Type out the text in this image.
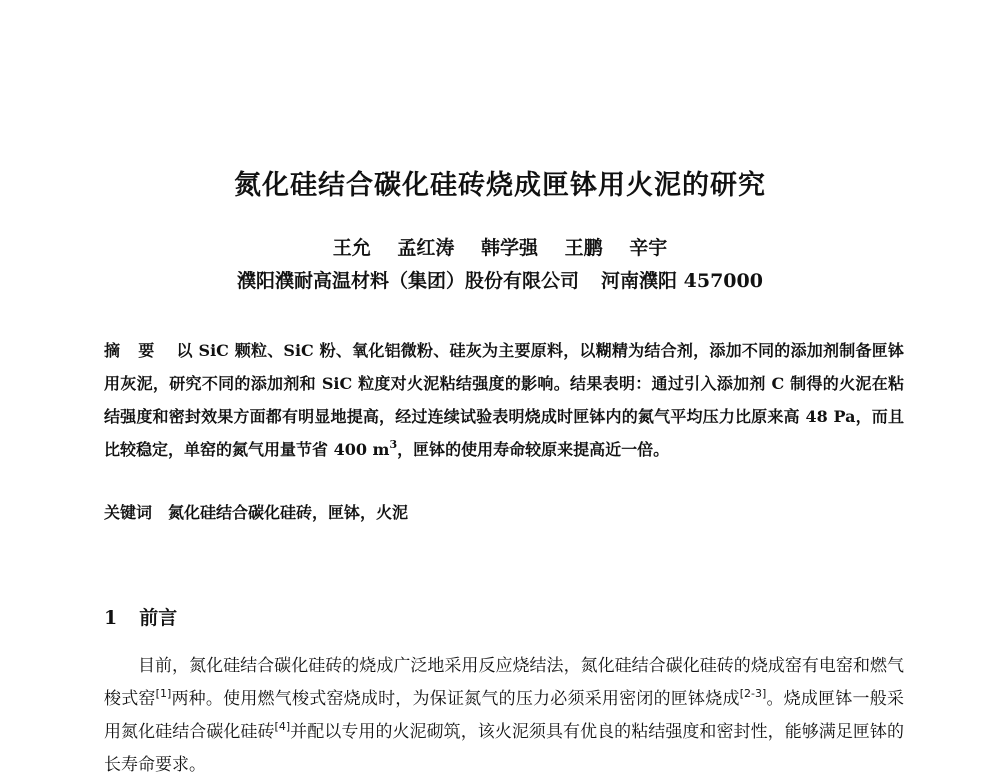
氮化硅结合碳化硅砖烧成匣钵用火泥的研究
王允 孟红涛 韩学强 王鹏 辛宇
濮阳濮耐高温材料（集团）股份有限公司 河南濮阳 457000
摘要 以 SiC 颗粒、SiC 粉、氧化铝微粉、硅灰为主要原料，以糊精为结合剂，添加不同的添加剂制备匣钵用灰泥，研究不同的添加剂和 SiC 粒度对火泥粘结强度的影响。结果表明：通过引入添加剂 C 制得的火泥在粘结强度和密封效果方面都有明显地提高，经过连续试验表明烧成时匣钵内的氮气平均压力比原来高 48 Pa，而且比较稳定，单窑的氮气用量节省 400 $m^3$，匣钵的使用寿命较原来提高近一倍。
关键词 氮化硅结合碳化硅砖，匣钵，火泥
1 前言
目前，氮化硅结合碳化硅砖的烧成广泛地采用反应烧结法，氮化硅结合碳化硅砖的烧成窑有电窑和燃气梭式窑[1]两种。使用燃气梭式窑烧成时，为保证氮气的压力必须采用密闭的匣钵烧成[2-3]。烧成匣钵一般采用氮化硅结合碳化硅砖[4]并配以专用的火泥砌筑，该火泥须具有优良的粘结强度和密封性，能够满足匣钵的长寿命要求。
